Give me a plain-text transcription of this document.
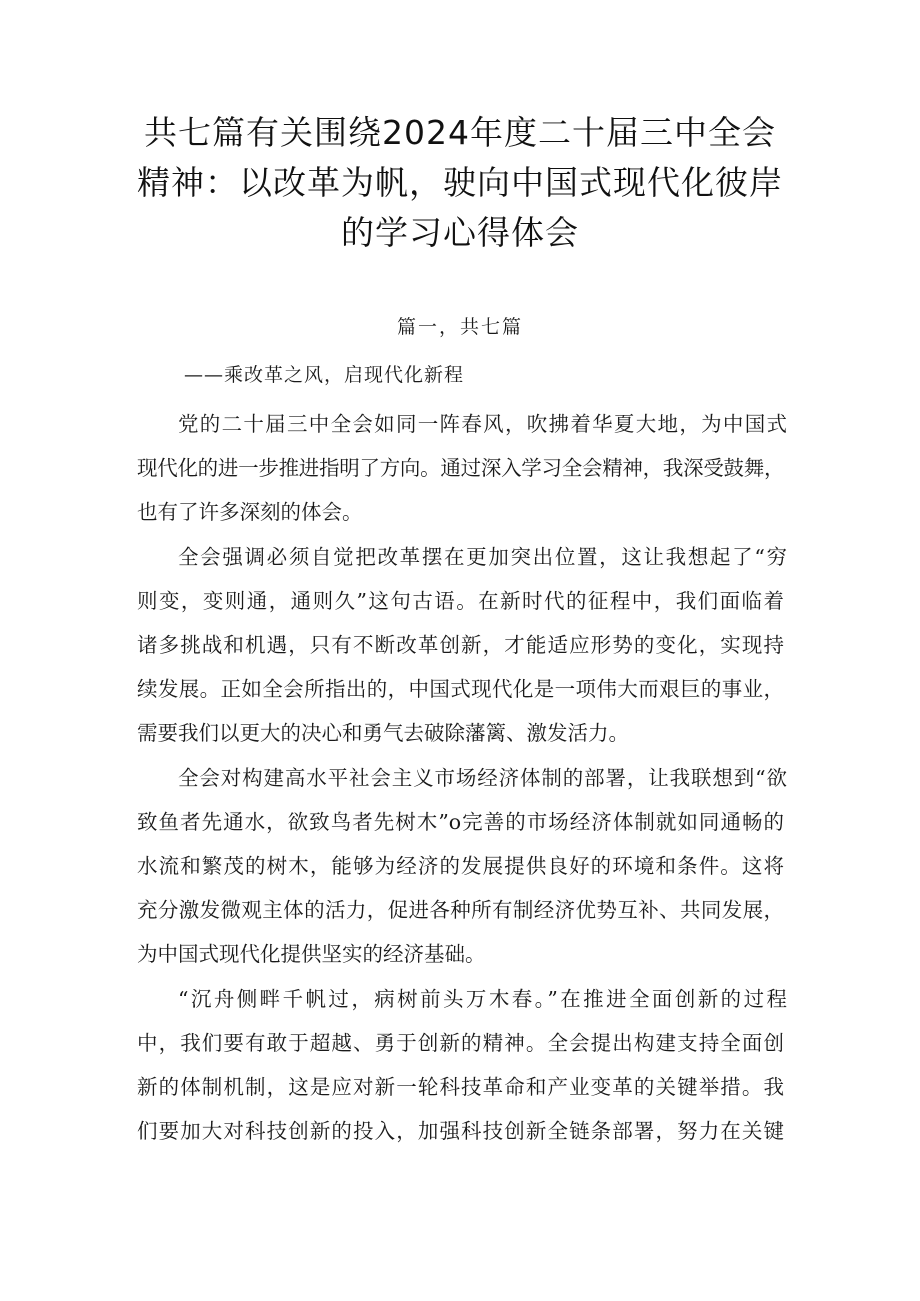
共七篇有关围绕2024年度二十届三中全会
精神：以改革为帆，驶向中国式现代化彼岸
的学习心得体会
篇一，共七篇
——乘改革之风，启现代化新程

党的二十届三中全会如同一阵春风，吹拂着华夏大地，为中国式
现代化的进一步推进指明了方向。通过深入学习全会精神，我深受鼓舞，
也有了许多深刻的体会。

全会强调必须自觉把改革摆在更加突出位置，这让我想起了“穷
则变，变则通，通则久”这句古语。在新时代的征程中，我们面临着
诸多挑战和机遇，只有不断改革创新，才能适应形势的变化，实现持
续发展。正如全会所指出的，中国式现代化是一项伟大而艰巨的事业，
需要我们以更大的决心和勇气去破除藩篱、激发活力。

全会对构建高水平社会主义市场经济体制的部署，让我联想到“欲
致鱼者先通水，欲致鸟者先树木”o完善的市场经济体制就如同通畅的
水流和繁茂的树木，能够为经济的发展提供良好的环境和条件。这将
充分激发微观主体的活力，促进各种所有制经济优势互补、共同发展，
为中国式现代化提供坚实的经济基础。

“沉舟侧畔千帆过，病树前头万木春。”在推进全面创新的过程
中，我们要有敢于超越、勇于创新的精神。全会提出构建支持全面创
新的体制机制，这是应对新一轮科技革命和产业变革的关键举措。我
们要加大对科技创新的投入，加强科技创新全链条部署，努力在关键
